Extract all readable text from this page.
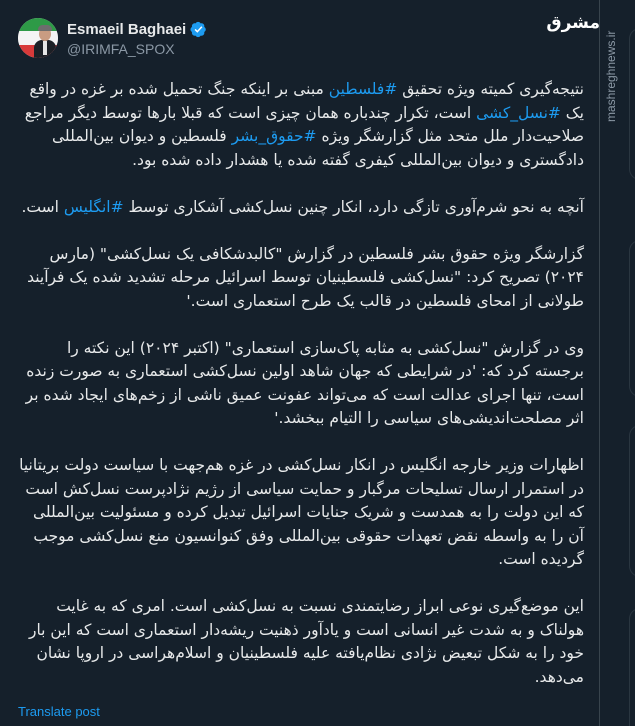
Esmaeil Baghaei
@IRIMFA_SPOX

نتیجه‌گیری کمیته ویژه تحقیق #فلسطین مبنی بر اینکه جنگ تحمیل شده بر غزه در واقع یک #نسل_کشی است، تکرار چندباره همان چیزی است که قبلا بارها توسط دیگر مراجع صلاحیت‌دار ملل متحد مثل گزارشگر ویژه #حقوق_بشر فلسطین و دیوان بین‌المللی دادگستری و دیوان بین‌المللی کیفری گفته شده یا هشدار داده شده بود.

آنچه به نحو شرم‌آوری تازگی دارد، انکار چنین نسل‌کشی آشکاری توسط #انگلیس است.

گزارشگر ویژه حقوق بشر فلسطین در گزارش "کالبدشکافی یک نسل‌کشی" (مارس ۲۰۲۴) تصریح کرد: "نسل‌کشی فلسطینیان توسط اسرائیل مرحله تشدید شده یک فرآیند طولانی از امحای فلسطین در قالب یک طرح استعماری است.'

وی در گزارش "نسل‌کشی به مثابه پاک‌سازی استعماری" (اکتبر ۲۰۲۴) این نکته را برجسته کرد که: 'در شرایطی که جهان شاهد اولین نسل‌کشی استعماری به صورت زنده است، تنها اجرای عدالت است که می‌تواند عفونت عمیق ناشی از زخم‌های ایجاد شده بر اثر مصلحت‌اندیشی‌های سیاسی را التیام ببخشد.'

اظهارات وزیر خارجه انگلیس در انکار نسل‌کشی در غزه هم‌جهت با سیاست دولت بریتانیا در استمرار ارسال تسلیحات مرگبار و حمایت سیاسی از رژیم نژادپرست نسل‌کش است که این دولت را به همدست و شریک جنایات اسرائیل تبدیل کرده و مسئولیت بین‌المللی آن را به واسطه نقض تعهدات حقوقی بین‌المللی وفق کنوانسیون منع نسل‌کشی موجب گردیده است.

این موضع‌گیری نوعی ابراز رضایتمندی نسبت به نسل‌کشی است. امری که به غایت هولناک و به شدت غیر انسانی است و یادآور ذهنیت ریشه‌دار استعماری است که این بار خود را به شکل تبعیض نژادی نظام‌یافته علیه فلسطینیان و اسلام‌هراسی در اروپا نشان می‌دهد.

Translate post
مشرق
mashreghnews.ir
